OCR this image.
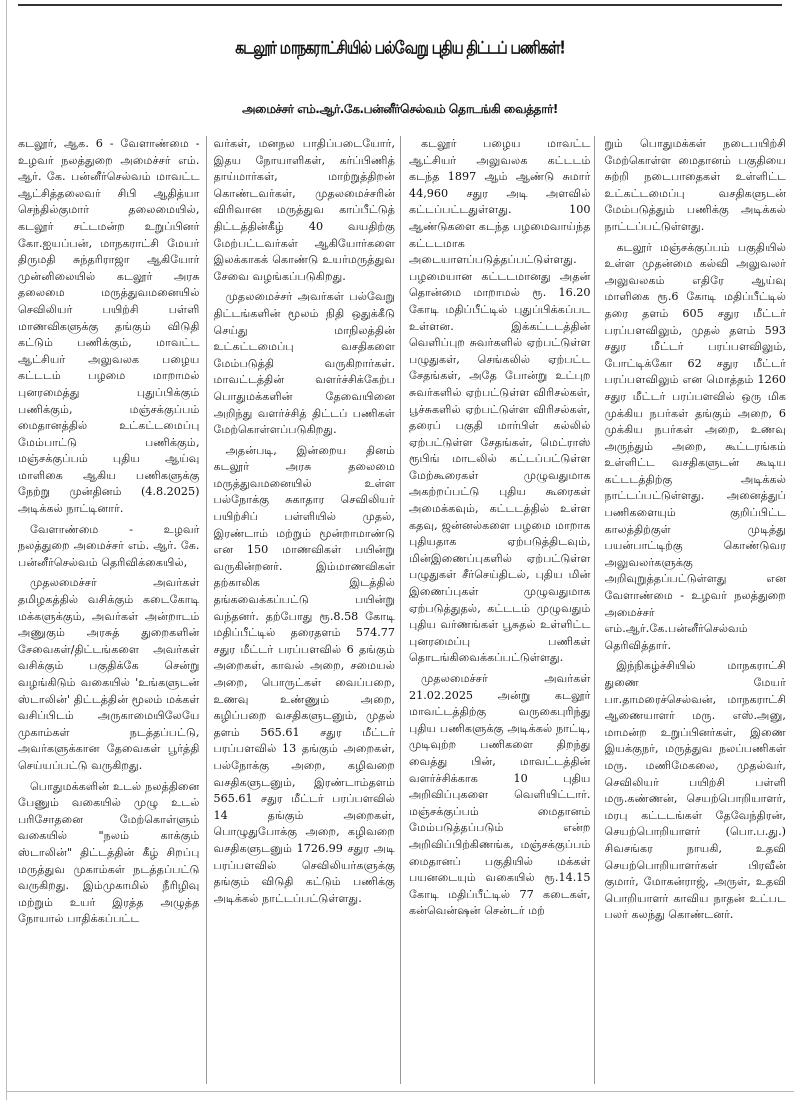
கடலூர் மாநகராட்சியில் பல்வேறு புதிய திட்டப் பணிகள்!
அமைச்சர் எம்.ஆர்.கே.பன்னீர்செல்வம் தொடங்கி வைத்தார்!

கடலூர், ஆக. 6 - வேளாண்மை - உழவர் நலத்துறை அமைச்சர் எம். ஆர். கே. பன்னீர்செல்வம் மாவட்ட ஆட்சித்தலைவர் சிபி ஆதித்யா செந்தில்குமார் தலைமையில், கடலூர் சட்டமன்ற உறுப்பினர் கோ.ஐயப்பன், மாநகராட்சி மேயர் திருமதி சுந்தரிராஜா ஆகியோர் முன்னிலையில் கடலூர் அரசு தலைமை மருத்துவமனையில் செவிலியர் பயிற்சி பள்ளி மாணவிகளுக்கு தங்கும் விடுதி கட்டும் பணிக்கும், மாவட்ட ஆட்சியர் அலுவலக பழைய கட்டடம் பழமை மாறாமல் புனரமைத்து புதுப்பிக்கும் பணிக்கும், மஞ்சக்குப்பம் மைதானத்தில் உட்கட்டமைப்பு மேம்பாட்டு பணிக்கும், மஞ்சக்குப்பம் புதிய ஆய்வு மாளிகை ஆகிய பணிகளுக்கு நேற்று முன்தினம் (4.8.2025) அடிக்கல் நாட்டினார்.

வேளாண்மை - உழவர் நலத்துறை அமைச்சர் எம். ஆர். கே. பன்னீர்செல்வம் தெரிவிக்கையில்,

முதலமைச்சர் அவர்கள் தமிழகத்தில் வசிக்கும் கடைகோடி மக்களுக்கும், அவர்கள் அன்றாடம் அணுகும் அரசுத் துறைகளின் சேவைகள்/திட்டங்களை அவர்கள் வசிக்கும் பகுதிக்கே சென்று வழங்கிடும் வகையில் 'உங்களுடன் ஸ்டாலின்' திட்டத்தின் மூலம் மக்கள் வசிப்பிடம் அருகாமையிலேயே முகாம்கள் நடத்தப்பட்டு, அவர்களுக்கான தேவைகள் பூர்த்தி செய்யப்பட்டு வருகிறது.

பொதுமக்களின் உடல் நலத்தினை பேணும் வகையில் முழு உடல் பரிசோதனை மேற்கொள்ளும் வகையில் "நலம் காக்கும் ஸ்டாலின்" திட்டத்தின் கீழ் சிறப்பு மருத்துவ முகாம்கள் நடத்தப்பட்டு வருகிறது. இம்முகாமில் நீரிழிவு மற்றும் உயர் இரத்த அழுத்த நோயால் பாதிக்கப்பட்ட

வர்கள், மனநல பாதிப்படையோர், இதய நோயாளிகள், கர்ப்பிணித் தாய்மார்கள், மாற்றுத்திறன் கொண்டவர்கள், முதலமைச்சரின் விரிவான மருத்துவ காப்பீட்டுத் திட்டத்தின்கீழ் 40 வயதிற்கு மேற்பட்டவர்கள் ஆகியோர்களை இலக்காகக் கொண்டு உயர்மருத்துவ சேவை வழங்கப்படுகிறது.

முதலமைச்சர் அவர்கள் பல்வேறு திட்டங்களின் மூலம் நிதி ஒதுக்கீடு செய்து மாநிலத்தின் உட்கட்டமைப்பு வசதிகளை மேம்படுத்தி வருகிறார்கள். மாவட்டத்தின் வளர்ச்சிக்கேற்ப பொதுமக்களின் தேவையினை அறிந்து வளர்ச்சித் திட்டப் பணிகள் மேற்கொள்ளப்படுகிறது.

அதன்படி, இன்றைய தினம் கடலூர் அரசு தலைமை மருத்துவமனையில் உள்ள பல்நோக்கு சுகாதார செவிலியர் பயிற்சிப் பள்ளியில் முதல், இரண்டாம் மற்றும் மூன்றாமாண்டு என 150 மாணவிகள் பயின்று வருகின்றனர். இம்மாணவிகள் தற்காலிக இடத்தில் தங்கவைக்கப்பட்டு பயின்று வந்தனர். தற்போது ரூ.8.58 கோடி மதிப்பீட்டில் தரைதளம் 574.77 சதுர மீட்டர் பரப்பளவில் 6 தங்கும் அறைகள், காவல் அறை, சமையல் அறை, பொருட்கள் வைப்பறை, உணவு உண்ணும் அறை, கழிப்பறை வசதிகளுடனும், முதல் தளம் 565.61 சதுர மீட்டர் பரப்பளவில் 13 தங்கும் அறைகள், பல்நோக்கு அறை, கழிவறை வசதிகளுடனும், இரண்டாம்தளம் 565.61 சதுர மீட்டர் பரப்பளவில் 14 தங்கும் அறைகள், பொழுதுபோக்கு அறை, கழிவறை வசதிகளுடனும் 1726.99 சதுர அடி பரப்பளவில் செவிலியர்களுக்கு தங்கும் விடுதி கட்டும் பணிக்கு அடிக்கல் நாட்டப்பட்டுள்ளது.

கடலூர் பழைய மாவட்ட ஆட்சியர் அலுவலக கட்டடம் கடந்த 1897 ஆம் ஆண்டு சுமார் 44,960 சதுர அடி அளவில் கட்டப்பட்டதுள்ளது. 100 ஆண்டுகளை கடந்த பழமைவாய்ந்த கட்டடமாக அடையாளப்படுத்தப்பட்டுள்ளது. பழமையான கட்டடமானது அதன் தொன்மை மாறாமல் ரூ. 16.20 கோடி மதிப்பீட்டில் புதுப்பிக்கப்பட உள்ளன. இக்கட்டடத்தின் வெளிப்புற சுவர்களில் ஏற்பட்டுள்ள பழுதுகள், செங்கலில் ஏற்பட்ட சேதங்கள், அதே போன்று உட்புற சுவர்களில் ஏற்பட்டுள்ள விரிசல்கள், பூச்சுகளில் ஏற்பட்டுள்ள விரிசல்கள், தரைப் பகுதி மார்பிள் கல்லில் ஏற்பட்டுள்ள சேதங்கள், மெட்ராஸ் ரூபிங் மாடலில் கட்டப்பட்டுள்ள மேற்கூரைகள் முழுவதுமாக அகற்றப்பட்டு புதிய கூரைகள் அமைக்கவும், கட்டடத்தில் உள்ள கதவு, ஜன்னல்களை பழமை மாறாக புதியதாக ஏற்படுத்திடவும், மின்இணைப்புகளில் ஏற்பட்டுள்ள பழுதுகள் சீர்செய்திடல், புதிய மின் இணைப்புகள் முழுவதுமாக ஏற்படுத்துதல், கட்டடம் முழுவதும் புதிய வர்ணங்கள் பூசுதல் உள்ளிட்ட புனரமைப்பு பணிகள் தொடங்கிவைக்கப்பட்டுள்ளது.

முதலமைச்சர் அவர்கள் 21.02.2025 அன்று கடலூர் மாவட்டத்திற்கு வருகைபுரிந்து புதிய பணிகளுக்கு அடிக்கல் நாட்டி, முடிவுற்ற பணிகளை திறந்து வைத்து பின், மாவட்டத்தின் வளர்ச்சிக்காக 10 புதிய அறிவிப்புகளை வெளியிட்டார். மஞ்சக்குப்பம் மைதானம் மேம்படுத்தப்படும் என்ற அறிவிப்பிற்கிணங்க, மஞ்சக்குப்பம் மைதானப் பகுதியில் மக்கள் பயனடையும் வகையில் ரூ.14.15 கோடி மதிப்பீட்டில் 77 கடைகள், கன்வென்ஷன் சென்டர் மற்

றும் பொதுமக்கள் நடைபயிற்சி மேற்கொள்ள மைதானம் பகுதியை சுற்றி நடைபாதைகள் உள்ளிட்ட உட்கட்டமைப்பு வசதிகளுடன் மேம்படுத்தும் பணிக்கு அடிக்கல் நாட்டப்பட்டுள்ளது.

கடலூர் மஞ்சக்குப்பம் பகுதியில் உள்ள முதன்மை கல்வி அலுவலர் அலுவலகம் எதிரே ஆய்வு மாளிகை ரூ.6 கோடி மதிப்பீட்டில் தரை தளம் 605 சதுர மீட்டர் பரப்பளவிலும், முதல் தளம் 593 சதுர மீட்டர் பரப்பளவிலும், போட்டிக்கோ 62 சதுர மீட்டர் பரப்பளவிலும் என மொத்தம் 1260 சதுர மீட்டர் பரப்பளவில் ஒரு மிக முக்கிய நபர்கள் தங்கும் அறை, 6 முக்கிய நபர்கள் அறை, உணவு அருந்தும் அறை, கூட்டரங்கம் உள்ளிட்ட வசதிகளுடன் கூடிய கட்டடத்திற்கு அடிக்கல் நாட்டப்பட்டுள்ளது. அனைத்துப் பணிகளையும் குறிப்பிட்ட காலத்திற்குள் முடித்து பயன்பாட்டிற்கு கொண்டுவர அலுவலர்களுக்கு அறிவுறுத்தப்பட்டுள்ளது என வேளாண்மை - உழவர் நலத்துறை அமைச்சர் எம்.ஆர்.கே.பன்னீர்செல்வம் தெரிவித்தார்.

இந்நிகழ்ச்சியில் மாநகராட்சி துணை மேயர் பா.தாமரைச்செல்வன், மாநகராட்சி ஆணையாளர் மரு. எஸ்.அனு, மாமன்ற உறுப்பினர்கள், இணை இயக்குநர், மருத்துவ நலப்பணிகள் மரு. மணிமேகலை, முதல்வர், செவிலியர் பயிற்சி பள்ளி மரு.கண்ணன், செயற்பொறியாளர், மரபு கட்டடங்கள் தேவேந்திரன், செயற்பொறியாளர் (பொ.ப.து.) சிவசங்கர நாயகி, உதவி செயற்பொறியாளர்கள் பிரவீன் குமார், மோகன்ராஜ், அருள், உதவி பொறியாளர் காவிய நாதன் உட்பட பலர் கலந்து கொண்டனர்.
